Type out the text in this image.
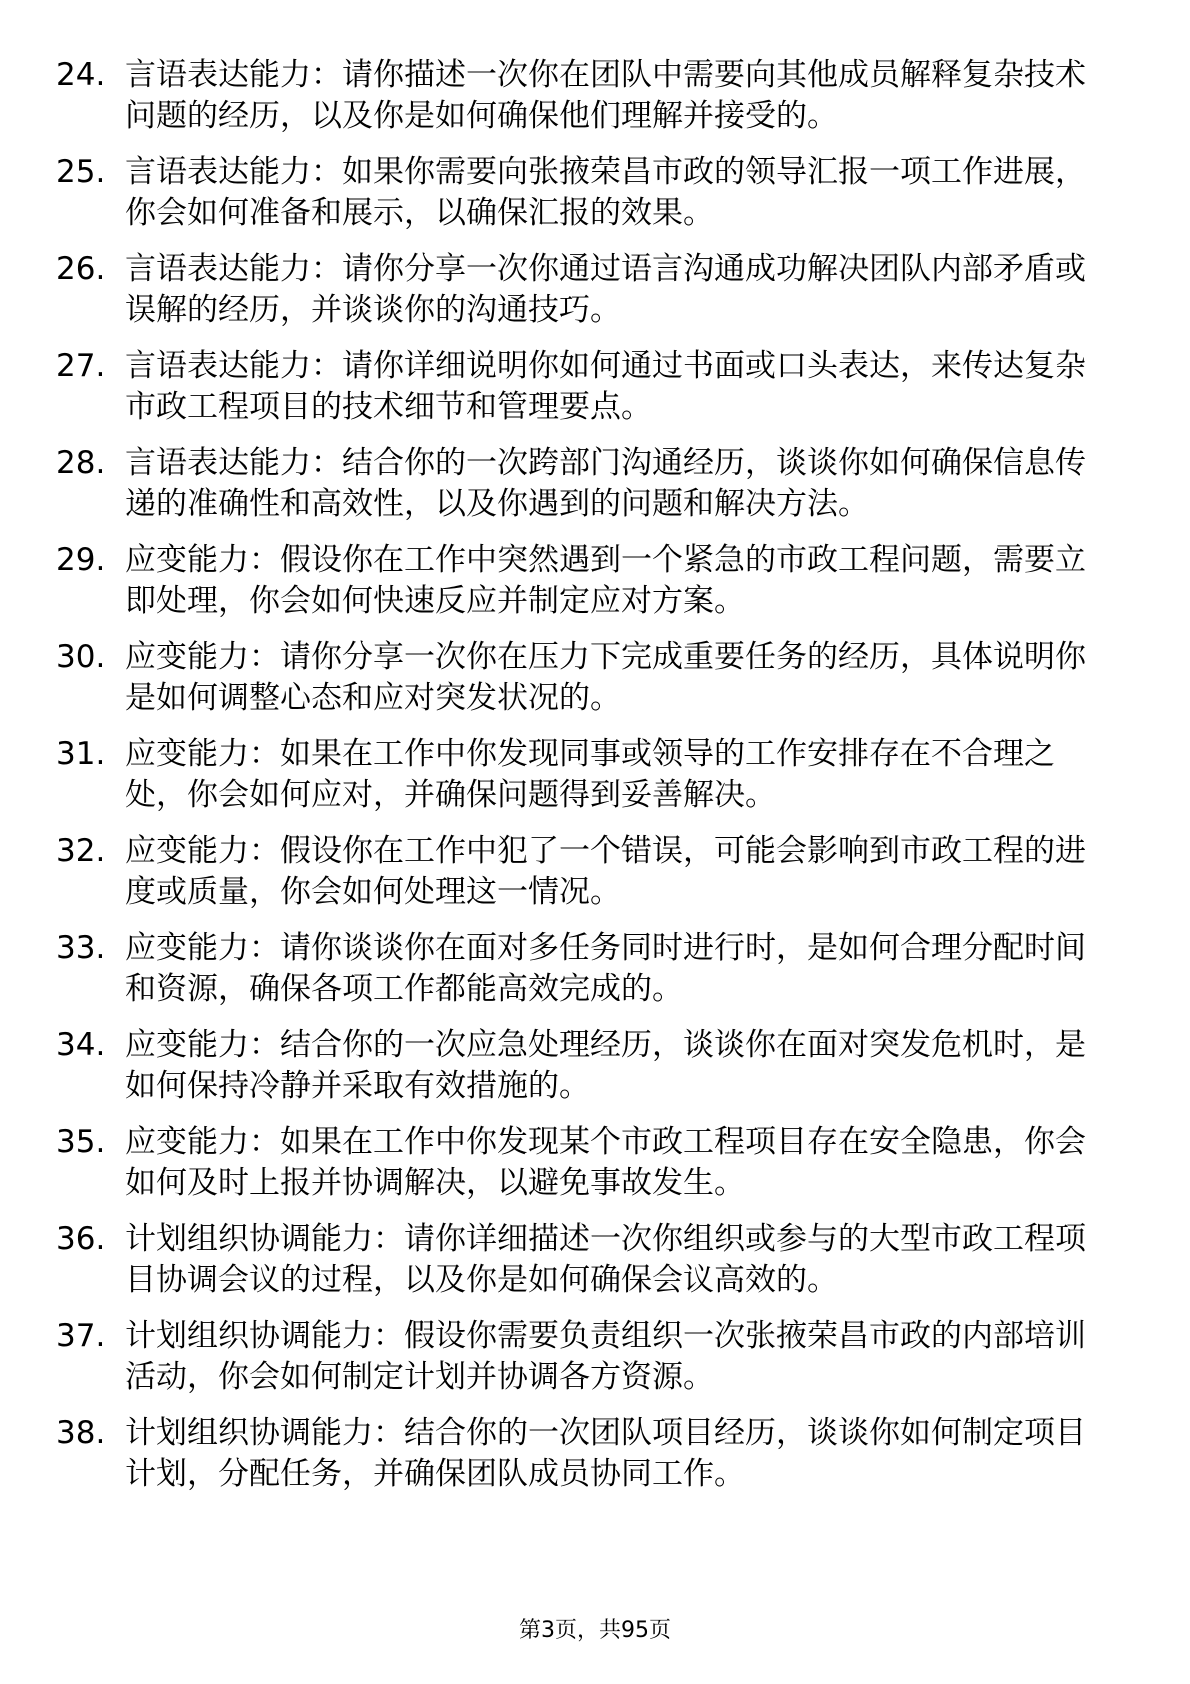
24. 言语表达能力：请你描述一次你在团队中需要向其他成员解释复杂技术问题的经历，以及你是如何确保他们理解并接受的。
25. 言语表达能力：如果你需要向张掖荣昌市政的领导汇报一项工作进展，你会如何准备和展示，以确保汇报的效果。
26. 言语表达能力：请你分享一次你通过语言沟通成功解决团队内部矛盾或误解的经历，并谈谈你的沟通技巧。
27. 言语表达能力：请你详细说明你如何通过书面或口头表达，来传达复杂市政工程项目的技术细节和管理要点。
28. 言语表达能力：结合你的一次跨部门沟通经历，谈谈你如何确保信息传递的准确性和高效性，以及你遇到的问题和解决方法。
29. 应变能力：假设你在工作中突然遇到一个紧急的市政工程问题，需要立即处理，你会如何快速反应并制定应对方案。
30. 应变能力：请你分享一次你在压力下完成重要任务的经历，具体说明你是如何调整心态和应对突发状况的。
31. 应变能力：如果在工作中你发现同事或领导的工作安排存在不合理之处，你会如何应对，并确保问题得到妥善解决。
32. 应变能力：假设你在工作中犯了一个错误，可能会影响到市政工程的进度或质量，你会如何处理这一情况。
33. 应变能力：请你谈谈你在面对多任务同时进行时，是如何合理分配时间和资源，确保各项工作都能高效完成的。
34. 应变能力：结合你的一次应急处理经历，谈谈你在面对突发危机时，是如何保持冷静并采取有效措施的。
35. 应变能力：如果在工作中你发现某个市政工程项目存在安全隐患，你会如何及时上报并协调解决，以避免事故发生。
36. 计划组织协调能力：请你详细描述一次你组织或参与的大型市政工程项目协调会议的过程，以及你是如何确保会议高效的。
37. 计划组织协调能力：假设你需要负责组织一次张掖荣昌市政的内部培训活动，你会如何制定计划并协调各方资源。
38. 计划组织协调能力：结合你的一次团队项目经历，谈谈你如何制定项目计划，分配任务，并确保团队成员协同工作。
第3页，共95页
